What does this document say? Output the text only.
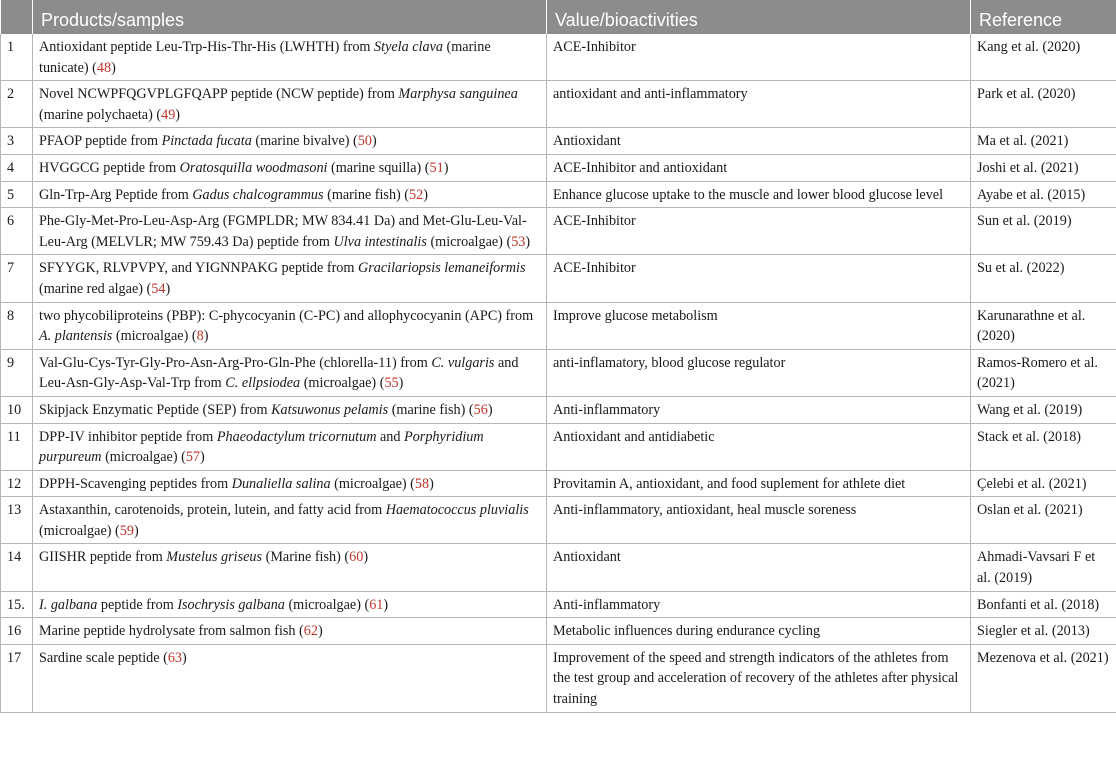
	Products/samples	Value/bioactivities	Reference
1	Antioxidant peptide Leu-Trp-His-Thr-His (LWHTH) from Styela clava (marine tunicate) (48)	ACE-Inhibitor	Kang et al. (2020)
2	Novel NCWPFQGVPLGFQAPP peptide (NCW peptide) from Marphysa sanguinea (marine polychaeta) (49)	antioxidant and anti-inflammatory	Park et al. (2020)
3	PFAOP peptide from Pinctada fucata (marine bivalve) (50)	Antioxidant	Ma et al. (2021)
4	HVGGCG peptide from Oratosquilla woodmasoni (marine squilla) (51)	ACE-Inhibitor and antioxidant	Joshi et al. (2021)
5	Gln-Trp-Arg Peptide from Gadus chalcogrammus (marine fish) (52)	Enhance glucose uptake to the muscle and lower blood glucose level	Ayabe et al. (2015)
6	Phe-Gly-Met-Pro-Leu-Asp-Arg (FGMPLDR; MW 834.41 Da) and Met-Glu-Leu-Val-Leu-Arg (MELVLR; MW 759.43 Da) peptide from Ulva intestinalis (microalgae) (53)	ACE-Inhibitor	Sun et al. (2019)
7	SFYYGK, RLVPVPY, and YIGNNPAKG peptide from Gracilariopsis lemaneiformis (marine red algae) (54)	ACE-Inhibitor	Su et al. (2022)
8	two phycobiliproteins (PBP): C-phycocyanin (C-PC) and allophycocyanin (APC) from A. plantensis (microalgae) (8)	Improve glucose metabolism	Karunarathne et al. (2020)
9	Val-Glu-Cys-Tyr-Gly-Pro-Asn-Arg-Pro-Gln-Phe (chlorella-11) from C. vulgaris and Leu-Asn-Gly-Asp-Val-Trp from C. ellpsiodea (microalgae) (55)	anti-inflamatory, blood glucose regulator	Ramos-Romero et al. (2021)
10	Skipjack Enzymatic Peptide (SEP) from Katsuwonus pelamis (marine fish) (56)	Anti-inflammatory	Wang et al. (2019)
11	DPP-IV inhibitor peptide from Phaeodactylum tricornutum and Porphyridium purpureum (microalgae) (57)	Antioxidant and antidiabetic	Stack et al. (2018)
12	DPPH-Scavenging peptides from Dunaliella salina (microalgae) (58)	Provitamin A, antioxidant, and food suplement for athlete diet	Çelebi et al. (2021)
13	Astaxanthin, carotenoids, protein, lutein, and fatty acid from Haematococcus pluvialis (microalgae) (59)	Anti-inflammatory, antioxidant, heal muscle soreness	Oslan et al. (2021)
14	GIISHR peptide from Mustelus griseus (Marine fish) (60)	Antioxidant	Ahmadi-Vavsari F et al. (2019)
15.	I. galbana peptide from Isochrysis galbana (microalgae) (61)	Anti-inflammatory	Bonfanti et al. (2018)
16	Marine peptide hydrolysate from salmon fish (62)	Metabolic influences during endurance cycling	Siegler et al. (2013)
17	Sardine scale peptide (63)	Improvement of the speed and strength indicators of the athletes from the test group and acceleration of recovery of the athletes after physical training	Mezenova et al. (2021)
